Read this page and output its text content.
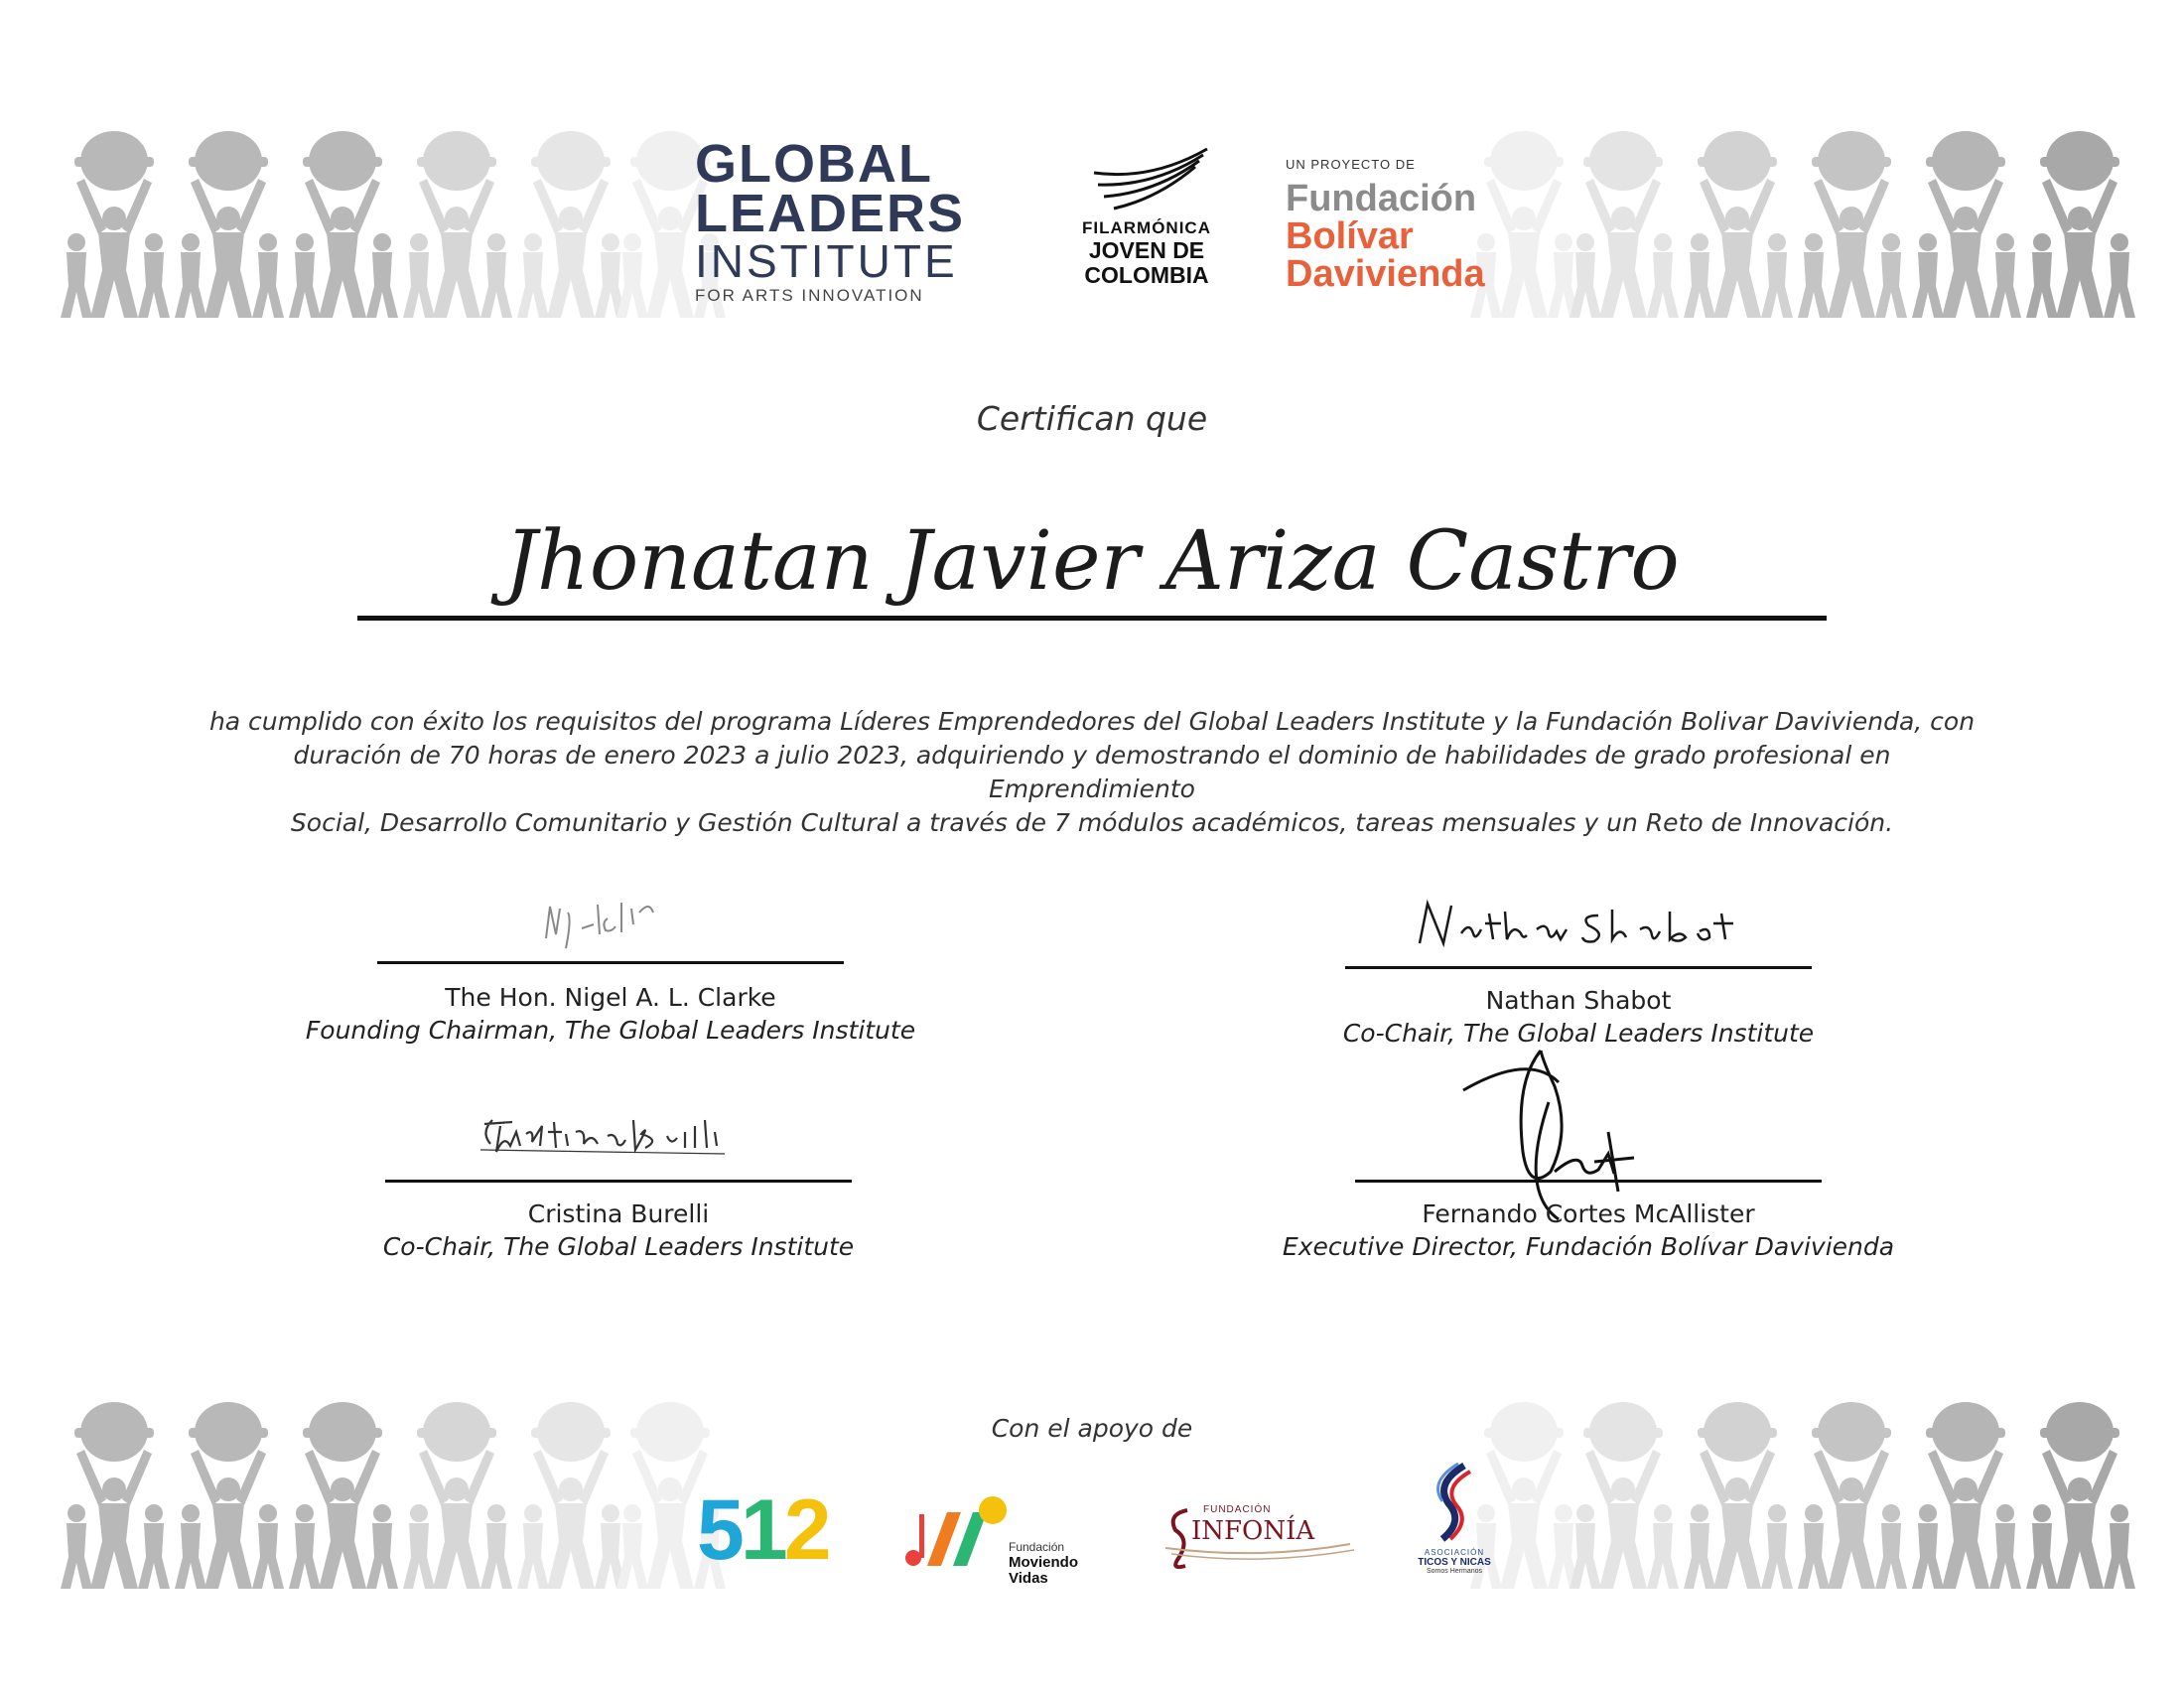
GLOBAL
LEADERS
INSTITUTE
FOR ARTS INNOVATION
FILARMÓNICA
JOVEN DE
COLOMBIA
UN PROYECTO DE
Fundación
Bolívar
Davivienda
Certifican que
Jhonatan Javier Ariza Castro
ha cumplido con éxito los requisitos del programa Líderes Emprendedores del Global Leaders Institute y la Fundación Bolivar Davivienda, con
duración de 70 horas de enero 2023 a julio 2023, adquiriendo y demostrando el dominio de habilidades de grado profesional en Emprendimiento
Social, Desarrollo Comunitario y Gestión Cultural a través de 7 módulos académicos, tareas mensuales y un Reto de Innovación.
The Hon. Nigel A. L. Clarke
Founding Chairman, The Global Leaders Institute
Nathan Shabot
Co-Chair, The Global Leaders Institute
Cristina Burelli
Co-Chair, The Global Leaders Institute
Fernando Cortes McAllister
Executive Director, Fundación Bolívar Davivienda
Con el apoyo de
512	Fundación
Moviendo
Vidas
FUNDACIÓN
INFONÍA
ASOCIACIÓN
TICOS Y NICAS
Somos Hermanos
